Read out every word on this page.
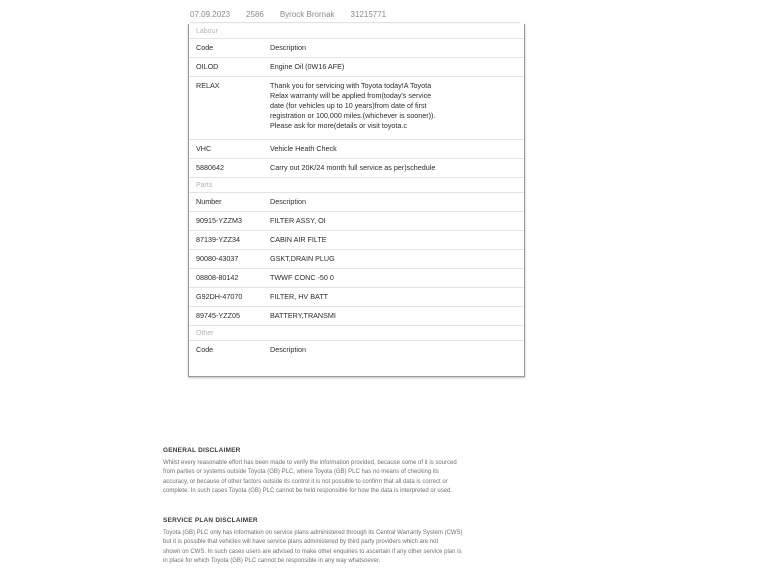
07.09.2023 2586 Byrock Brornak 31215771
Labour
Code	Description
OILOD	Engine Oil (0W16 AFE)
RELAX	Thank you for servicing with Toyota today!A Toyota
Relax warranty will be applied from(today's service
date (for vehicles up to 10 years)from date of first
registration or 100,000 miles.(whichever is sooner)).
Please ask for more(details or visit toyota.c
VHC	Vehicle Heath Check
5880642	Carry out 20K/24 month full service as per)schedule
Parts
Number	Description
90915-YZZM3	FILTER ASSY, OI
87139-YZZ34	CABIN AIR FILTE
90080-43037	GSKT,DRAIN PLUG
08808-80142	TWWF CONC -50 0
G92DH-47070	FILTER, HV BATT
89745-YZZ05	BATTERY,TRANSMI
Other
Code	Description
GENERAL DISCLAIMER
Whilst every reasonable effort has been made to verify the information provided, because some of it is sourced
from parties or systems outside Toyota (GB) PLC, where Toyota (GB) PLC has no means of checking its
accuracy, or because of other factors outside its control it is not possible to confirm that all data is correct or
complete. In such cases Toyota (GB) PLC cannot be held responsible for how the data is interpreted or used.
SERVICE PLAN DISCLAIMER
Toyota (GB) PLC only has information on service plans administered through its Central Warranty System (CWS)
but it is possible that vehicles will have service plans administered by third party providers which are not
shown on CWS. In such cases users are advised to make other enquiries to ascertain if any other service plan is
in place for which Toyota (GB) PLC cannot be responsible in any way whatsoever.
